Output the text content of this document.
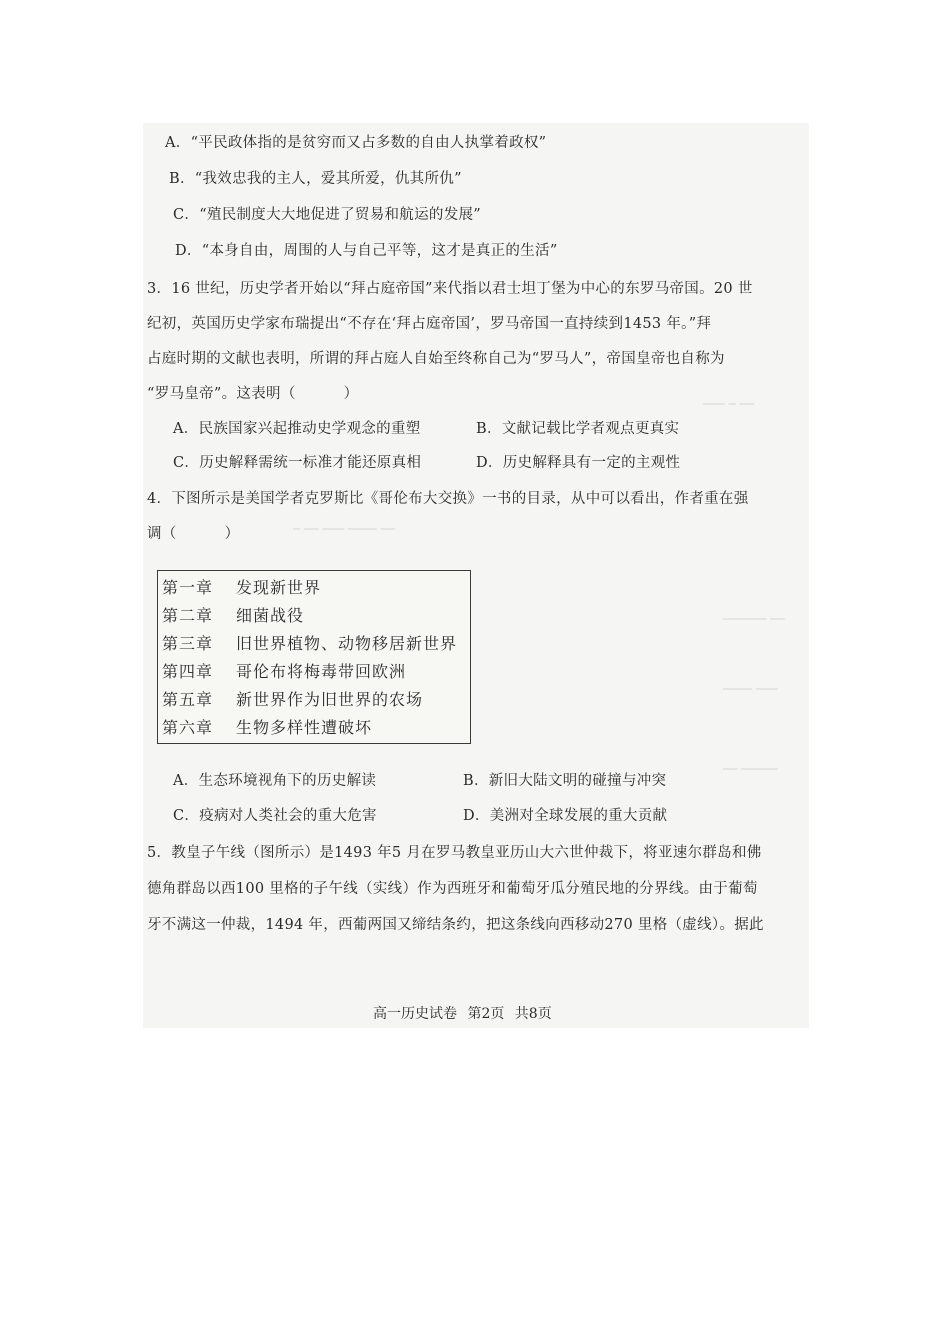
─── ─ ──
─ ── ─── ──── ──
────── ──
──── ───
── ─────
A．“平民政体指的是贫穷而又占多数的自由人执掌着政权”
B．“我效忠我的主人，爱其所爱，仇其所仇”
C．“殖民制度大大地促进了贸易和航运的发展”
D．“本身自由，周围的人与自己平等，这才是真正的生活”
3．16 世纪，历史学者开始以“拜占庭帝国”来代指以君士坦丁堡为中心的东罗马帝国。20 世
纪初，英国历史学家布瑞提出“不存在‘拜占庭帝国’，罗马帝国一直持续到1453 年。”拜
占庭时期的文献也表明，所谓的拜占庭人自始至终称自己为“罗马人”，帝国皇帝也自称为
“罗马皇帝”。这表明（	）
A．民族国家兴起推动史学观念的重塑	B．文献记载比学者观点更真实
C．历史解释需统一标准才能还原真相	D．历史解释具有一定的主观性
4．下图所示是美国学者克罗斯比《哥伦布大交换》一书的目录，从中可以看出，作者重在强
调（	）
第一章 发现新世界
第二章 细菌战役
第三章 旧世界植物、动物移居新世界
第四章 哥伦布将梅毒带回欧洲
第五章 新世界作为旧世界的农场
第六章 生物多样性遭破坏
A．生态环境视角下的历史解读	B．新旧大陆文明的碰撞与冲突
C．疫病对人类社会的重大危害	D．美洲对全球发展的重大贡献
5．教皇子午线（图所示）是1493 年5 月在罗马教皇亚历山大六世仲裁下，将亚速尔群岛和佛
德角群岛以西100 里格的子午线（实线）作为西班牙和葡萄牙瓜分殖民地的分界线。由于葡萄
牙不满这一仲裁，1494 年，西葡两国又缔结条约，把这条线向西移动270 里格（虚线）。据此
高一历史试卷 第2页 共8页
